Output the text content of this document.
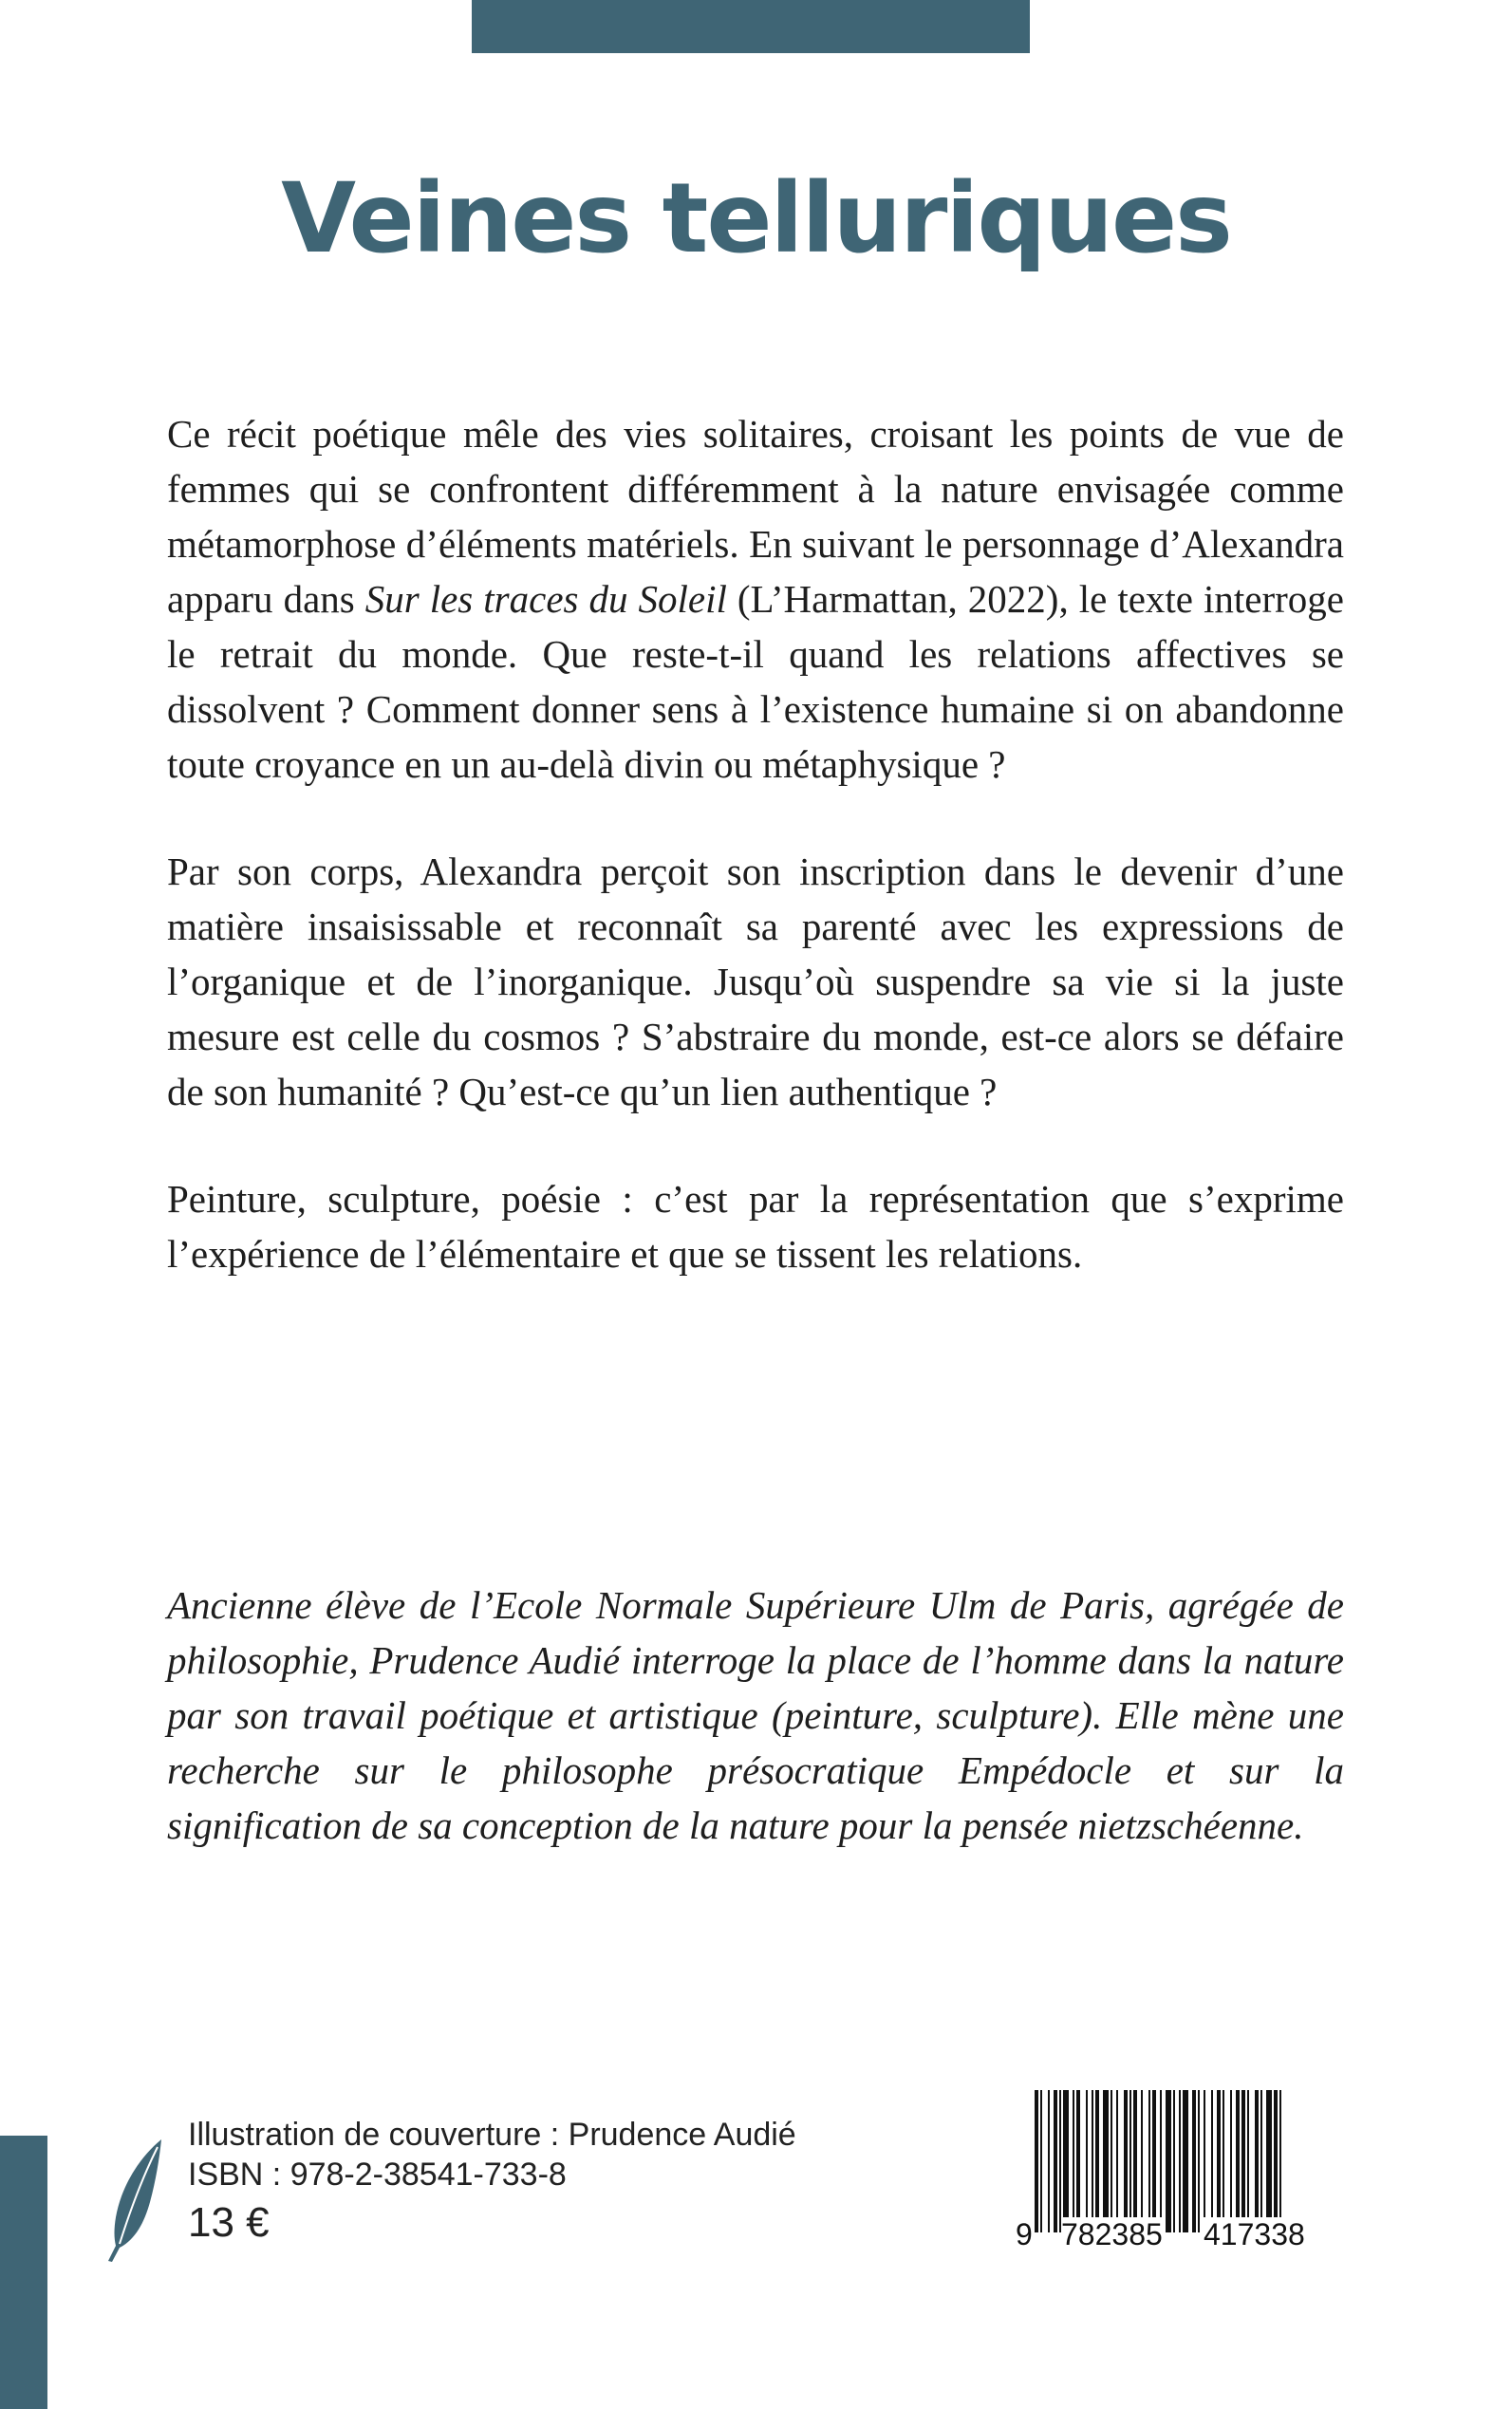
Veines telluriques

Ce récit poétique mêle des vies solitaires, croisant les points de vue de femmes qui se confrontent différemment à la nature envisagée comme métamorphose d’éléments matériels. En suivant le personnage d’Alexandra apparu dans Sur les traces du Soleil (L’Harmattan, 2022), le texte interroge le retrait du monde. Que reste-t-il quand les relations affectives se dissolvent ? Comment donner sens à l’existence humaine si on abandonne toute croyance en un au-delà divin ou métaphysique ?

Par son corps, Alexandra perçoit son inscription dans le devenir d’une matière insaisissable et reconnaît sa parenté avec les expressions de l’organique et de l’inorganique. Jusqu’où suspendre sa vie si la juste mesure est celle du cosmos ? S’abstraire du monde, est-ce alors se défaire de son humanité ? Qu’est-ce qu’un lien authentique ?

Peinture, sculpture, poésie : c’est par la représentation que s’exprime l’expérience de l’élémentaire et que se tissent les relations.

Ancienne élève de l’Ecole Normale Supérieure Ulm de Paris, agrégée de philosophie, Prudence Audié interroge la place de l’homme dans la nature par son travail poétique et artistique (peinture, sculpture). Elle mène une recherche sur le philosophe présocratique Empédocle et sur la signification de sa conception de la nature pour la pensée nietzschéenne.

Illustration de couverture : Prudence Audié
ISBN : 978-2-38541-733-8
13 €	9 782385 417338
